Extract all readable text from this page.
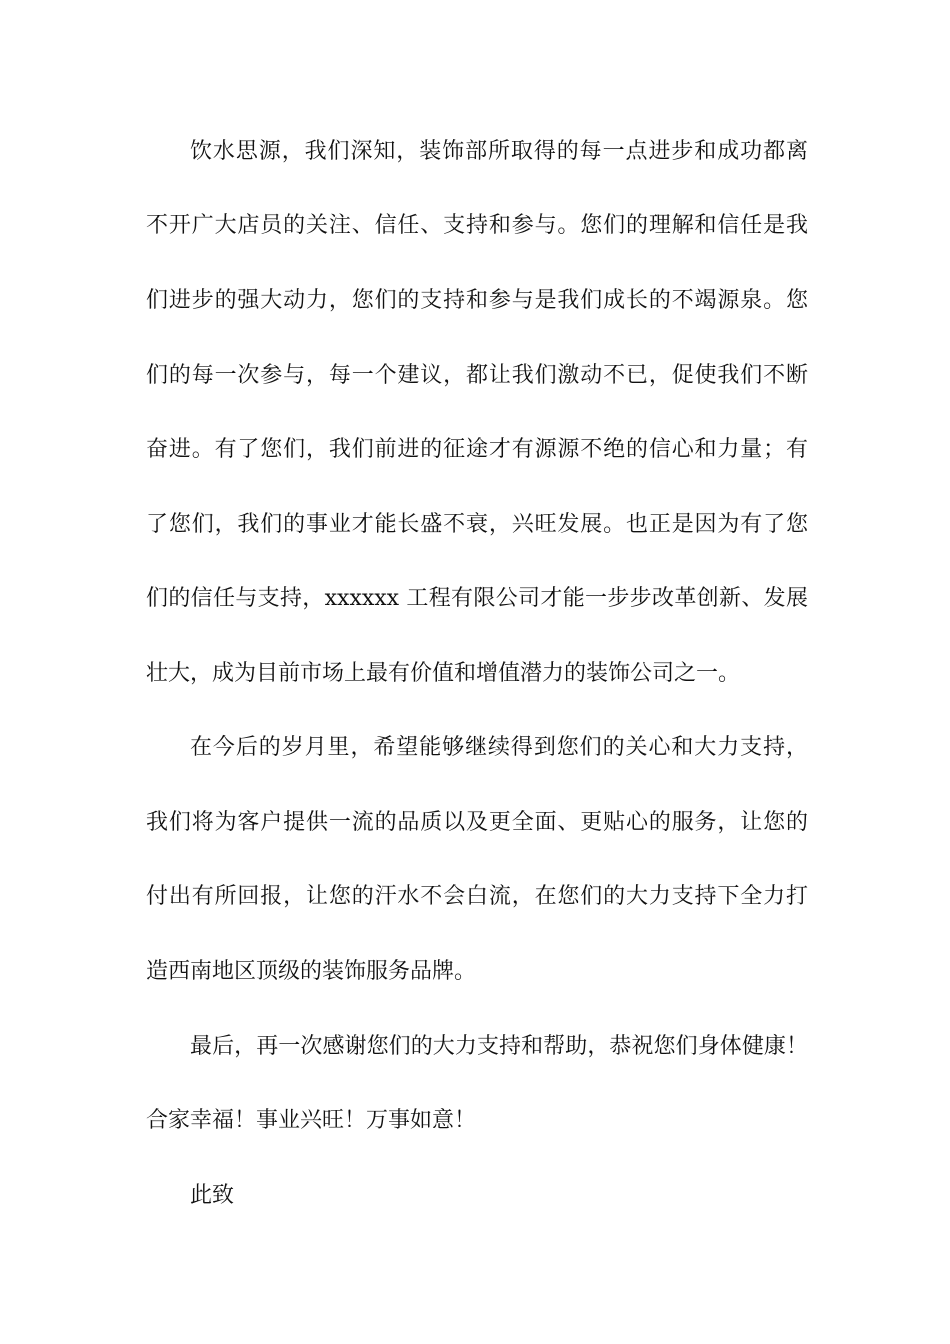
饮水思源，我们深知，装饰部所取得的每一点进步和成功都离
不开广大店员的关注、信任、支持和参与。您们的理解和信任是我
们进步的强大动力，您们的支持和参与是我们成长的不竭源泉。您
们的每一次参与，每一个建议，都让我们激动不已，促使我们不断
奋进。有了您们，我们前进的征途才有源源不绝的信心和力量；有
了您们，我们的事业才能长盛不衰，兴旺发展。也正是因为有了您
们的信任与支持，xxxxxx 工程有限公司才能一步步改革创新、发展
壮大，成为目前市场上最有价值和增值潜力的装饰公司之一。
在今后的岁月里，希望能够继续得到您们的关心和大力支持，
我们将为客户提供一流的品质以及更全面、更贴心的服务，让您的
付出有所回报，让您的汗水不会白流，在您们的大力支持下全力打
造西南地区顶级的装饰服务品牌。
最后，再一次感谢您们的大力支持和帮助，恭祝您们身体健康！
合家幸福！事业兴旺！万事如意！
此致
